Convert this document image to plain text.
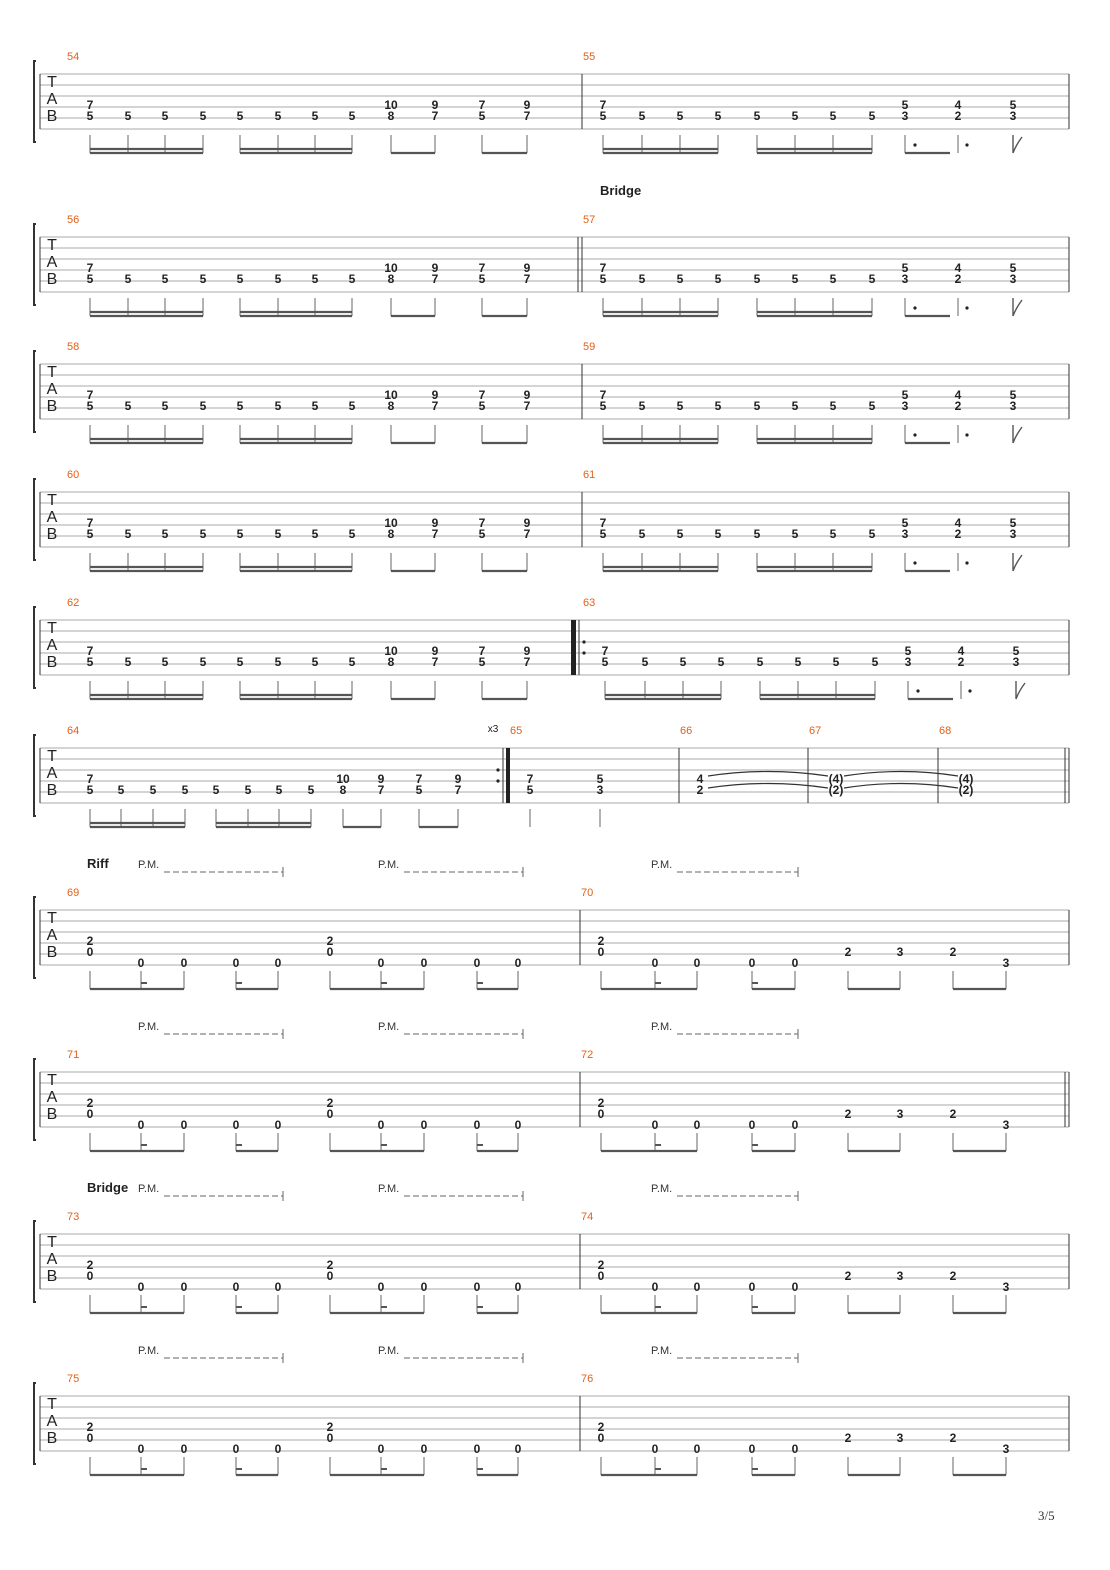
T
A
B
54
7
5	5	5	5	5	5	5	5
10
8
9
7
7
5
9
7
55
7
5	5	5	5	5	5	5	5
5
3
4
2
5
3
T
A
B
Bridge
56
7
5	5	5	5	5	5	5	5
10
8
9
7
7
5
9
7
57
7
5	5	5	5	5	5	5	5
5
3
4
2
5
3
T
A
B
58
7
5	5	5	5	5	5	5	5
10
8
9
7
7
5
9
7
59
7
5	5	5	5	5	5	5	5
5
3
4
2
5
3
T
A
B
60
7
5	5	5	5	5	5	5	5
10
8
9
7
7
5
9
7
61
7
5	5	5	5	5	5	5	5
5
3
4
2
5
3
T
A
B
62
7
5	5	5	5	5	5	5	5
10
8
9
7
7
5
9
7
63
7
5	5	5	5	5	5	5	5
5
3
4
2
5
3
T
A
B
x3
64
7
5 5 5 5 5 5 5 5
10
8
9
7
7
5
9
7
65
7
5
5
3
66
4
2
67
(4)
(2)
68
(4)
(2)
T
A
B
Riff	P.M.	P.M.	P.M.
69
2
0
0	0	0	0
2
0
0	0	0	0
70
2
0
0	0	0	0
2	3	2
3
T
A
B
P.M.	P.M.	P.M.
71
2
0
0	0	0	0
2
0
0	0	0	0
72
2
0
0	0	0	0
2	3	2
3
T
A
B
Bridge P.M.	P.M.	P.M.
73
2
0
0	0	0	0
2
0
0	0	0	0
74
2
0
0	0	0	0
2	3	2
3
T
A
B
P.M.	P.M.	P.M.
75
2
0
0	0	0	0
2
0
0	0	0	0
76
2
0
0	0	0	0
2	3	2
3
3/5
